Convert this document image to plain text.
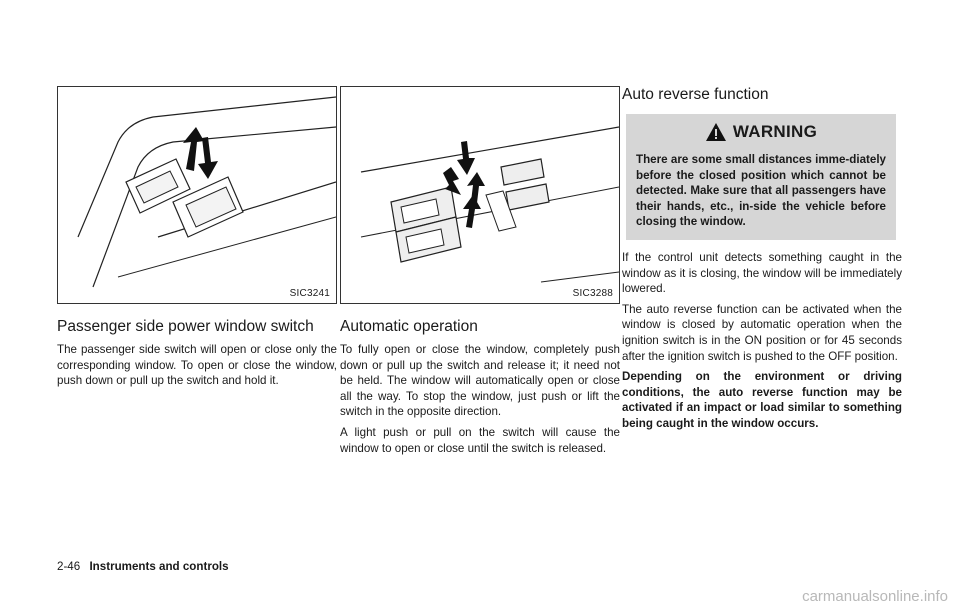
SIC3241
Passenger side power window switch

The passenger side switch will open or close only the corresponding window. To open or close the window, push down or pull up the switch and hold it.

SIC3288
Automatic operation

To fully open or close the window, completely push down or pull up the switch and release it; it need not be held. The window will automatically open or close all the way. To stop the window, just push or lift the switch in the opposite direction.

A light push or pull on the switch will cause the window to open or close until the switch is released.

Auto reverse function
WARNING
There are some small distances imme-diately before the closed position which cannot be detected. Make sure that all passengers have their hands, etc., in-side the vehicle before closing the window.

If the control unit detects something caught in the window as it is closing, the window will be immediately lowered.

The auto reverse function can be activated when the window is closed by automatic operation when the ignition switch is in the ON position or for 45 seconds after the ignition switch is pushed to the OFF position.

Depending on the environment or driving conditions, the auto reverse function may be activated if an impact or load similar to something being caught in the window occurs.

2-46 Instruments and controls
carmanualsonline.info
